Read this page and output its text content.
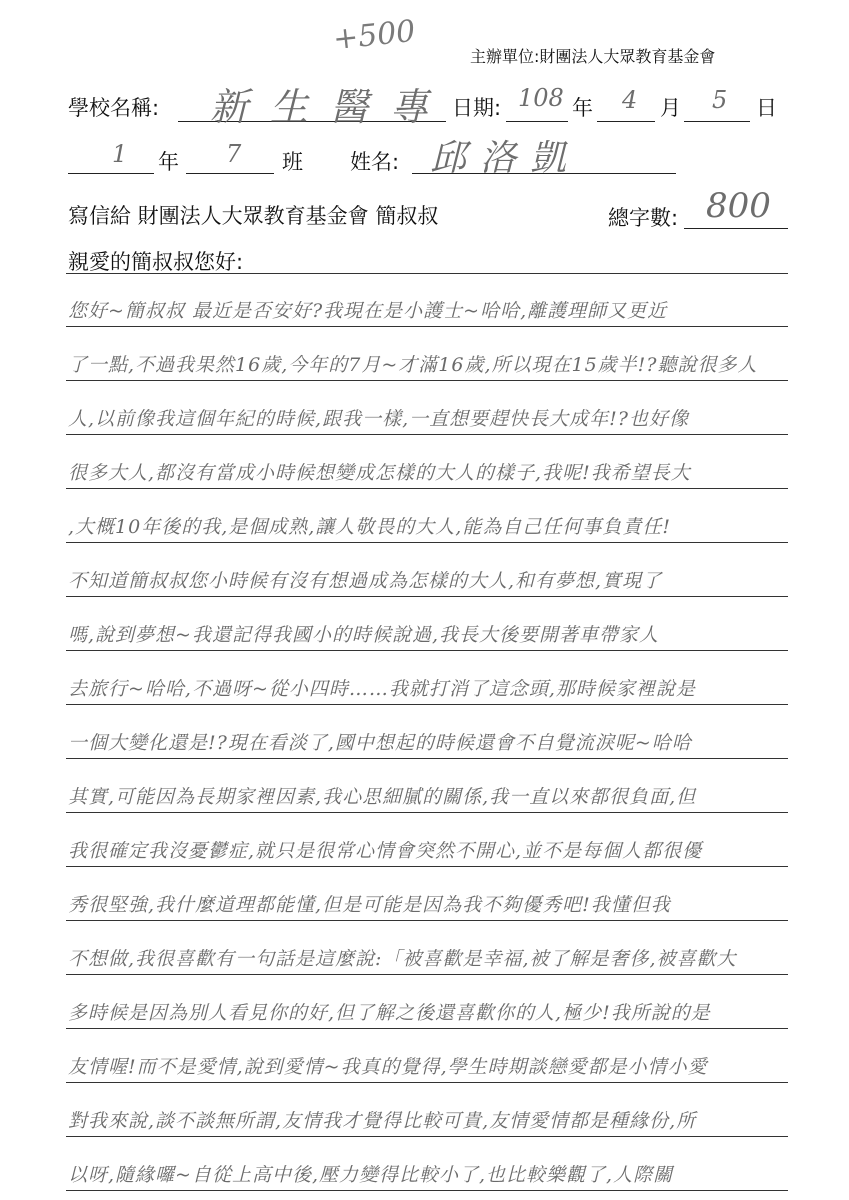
+500	主辦單位:財團法人大眾教育基金會
學校名稱: 新生醫專 日期: 108 年 4 月 5 日
1 年 7 班 姓名: 邱洛凱
寫信給 財團法人大眾教育基金會 簡叔叔	總字數: 800
親愛的簡叔叔您好:
您好~簡叔叔 最近是否安好?我現在是小護士~哈哈,離護理師又更近
了一點,不過我果然16歲,今年的7月~才滿16歲,所以現在15歲半!?聽說很多人
人,以前像我這個年紀的時候,跟我一樣,一直想要趕快長大成年!?也好像
很多大人,都沒有當成小時候想變成怎樣的大人的樣子,我呢!我希望長大
,大概10年後的我,是個成熟,讓人敬畏的大人,能為自己任何事負責任!
不知道簡叔叔您小時候有沒有想過成為怎樣的大人,和有夢想,實現了
嗎,說到夢想~我還記得我國小的時候說過,我長大後要開著車帶家人
去旅行~哈哈,不過呀~從小四時……我就打消了這念頭,那時候家裡說是
一個大變化還是!?現在看淡了,國中想起的時候還會不自覺流淚呢~哈哈
其實,可能因為長期家裡因素,我心思細膩的關係,我一直以來都很負面,但
我很確定我沒憂鬱症,就只是很常心情會突然不開心,並不是每個人都很優
秀很堅強,我什麼道理都能懂,但是可能是因為我不夠優秀吧!我懂但我
不想做,我很喜歡有一句話是這麼說:「被喜歡是幸福,被了解是奢侈,被喜歡大
多時候是因為別人看見你的好,但了解之後還喜歡你的人,極少!我所說的是
友情喔!而不是愛情,說到愛情~我真的覺得,學生時期談戀愛都是小情小愛
對我來說,談不談無所謂,友情我才覺得比較可貴,友情愛情都是種緣份,所
以呀,隨緣囉~自從上高中後,壓力變得比較小了,也比較樂觀了,人際關
